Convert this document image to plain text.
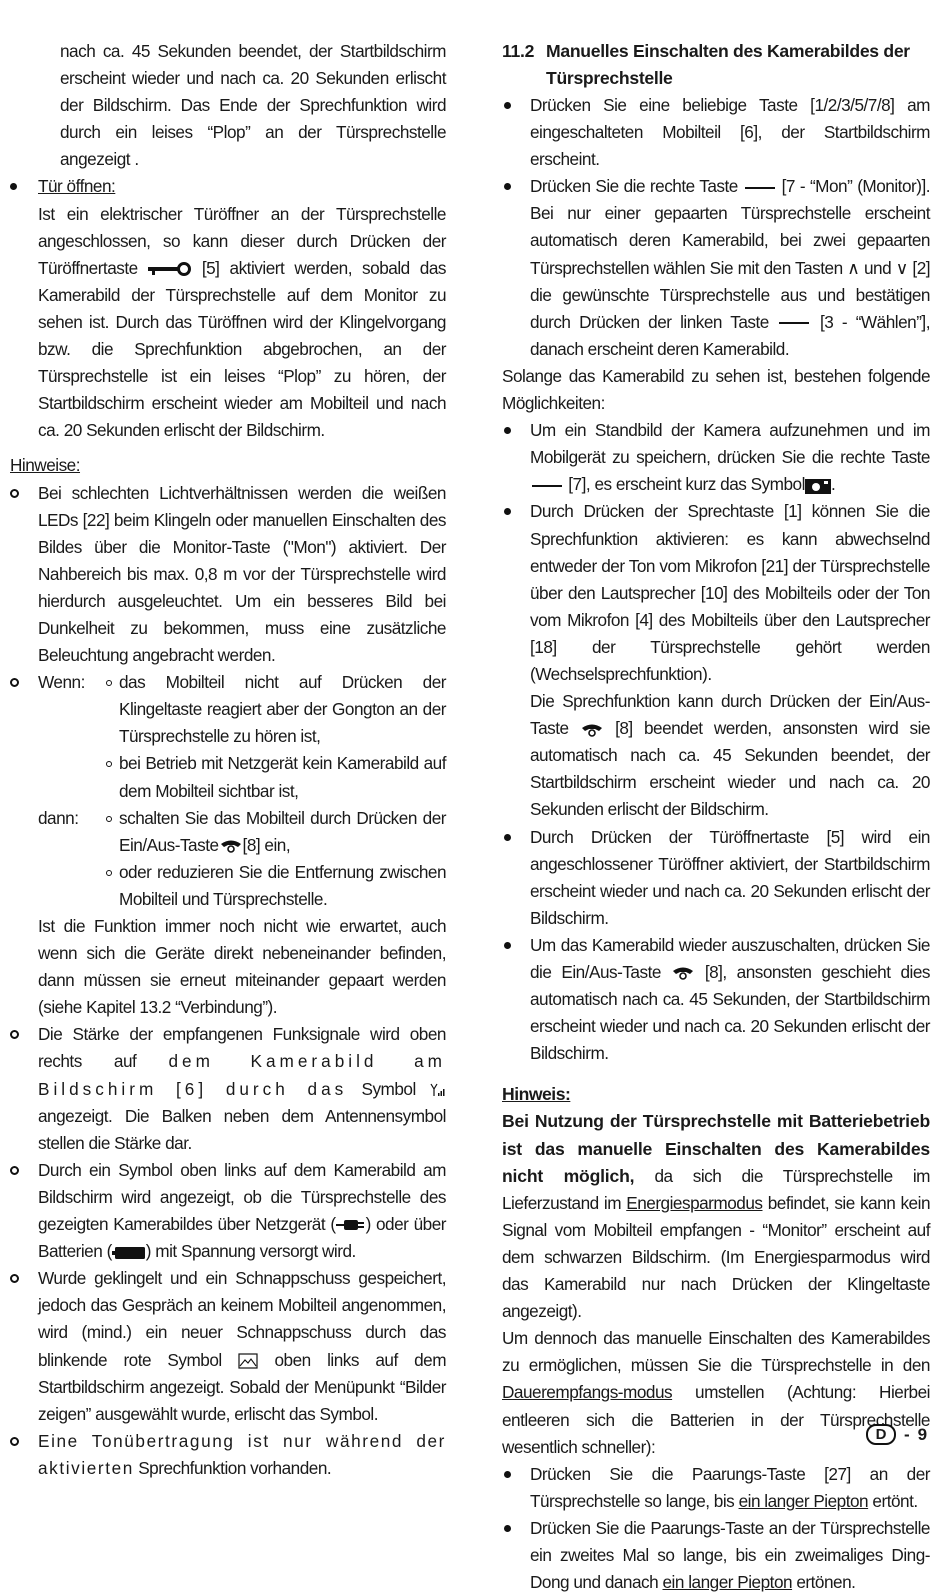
nach ca. 45 Sekunden beendet, der Startbildschirm erscheint wieder und nach ca. 20 Sekunden erlischt der Bildschirm. Das Ende der Sprechfunktion wird durch ein leises “Plop” an der Türsprechstelle angezeigt .

Tür öffnen:

Ist ein elektrischer Türöffner an der Türsprechstelle angeschlossen, so kann dieser durch Drücken der Türöffnertaste	[5] aktiviert werden, sobald das Kamerabild der Türsprechstelle auf dem Monitor zu sehen ist. Durch das Türöffnen wird der Klingelvorgang bzw. die Sprechfunktion abgebrochen, an der Türsprechstelle ist ein leises “Plop” zu hören, der Startbildschirm erscheint wieder am Mobilteil und nach ca. 20 Sekunden erlischt der Bildschirm.

Hinweise:

Bei schlechten Lichtverhältnissen werden die weißen LEDs [22] beim Klingeln oder manuellen Einschalten des Bildes über die Monitor-Taste ("Mon") aktiviert. Der Nahbereich bis max. 0,8 m vor der Türsprechstelle wird hierdurch ausgeleuchtet. Um ein besseres Bild bei Dunkelheit zu bekommen, muss eine zusätzliche Beleuchtung angebracht werden.

Wenn:	das Mobilteil nicht auf Drücken der Klingeltaste reagiert aber der Gongton an der Türsprechstelle zu hören ist,

bei Betrieb mit Netzgerät kein Kamerabild auf dem Mobilteil sichtbar ist,

dann:	schalten Sie das Mobilteil durch Drücken der Ein/Aus-Taste [8] ein,

oder reduzieren Sie die Entfernung zwischen Mobilteil und Türsprechstelle.

Ist die Funktion immer noch nicht wie erwartet, auch wenn sich die Geräte direkt nebeneinander befinden, dann müssen sie erneut miteinander gepaart werden (siehe Kapitel 13.2 “Verbindung”).

Die Stärke der empfangenen Funksignale wird oben rechts auf dem Kamerabild am Bildschirm [6] durch das Symbol  angezeigt. Die Balken neben dem Antennensymbol stellen die Stärke dar.

Durch ein Symbol oben links auf dem Kamerabild am Bildschirm wird angezeigt, ob die Türsprechstelle des gezeigten Kamerabildes über Netzgerät ( ) oder über Batterien ( ) mit Spannung versorgt wird.

Wurde geklingelt und ein Schnappschuss gespeichert, jedoch das Gespräch an keinem Mobilteil angenommen, wird (mind.) ein neuer Schnappschuss durch das blinkende rote Symbol	oben links auf dem Startbildschirm angezeigt. Sobald der Menüpunkt “Bilder zeigen” ausgewählt wurde, erlischt das Symbol.

Eine Tonübertragung ist nur während der aktivierten Sprechfunktion vorhanden.

11.2 Manuelles Einschalten des Kamerabildes der Türsprechstelle

Drücken Sie eine beliebige Taste [1/2/3/5/7/8] am eingeschalteten Mobilteil [6], der Startbildschirm erscheint.

Drücken Sie die rechte Taste	[7 - “Mon” (Monitor)]. Bei nur einer gepaarten Türsprechstelle erscheint automatisch deren Kamerabild, bei zwei gepaarten Türsprechstellen wählen Sie mit den Tasten ∧ und ∨ [2] die gewünschte Türsprechstelle aus und bestätigen durch Drücken der linken Taste	[3 - “Wählen”], danach erscheint deren Kamerabild.

Solange das Kamerabild zu sehen ist, bestehen folgende Möglichkeiten:

Um ein Standbild der Kamera aufzunehmen und im Mobilgerät zu speichern, drücken Sie die rechte Taste  [7], es erscheint kurz das Symbol .

Durch Drücken der Sprechtaste [1] können Sie die Sprechfunktion aktivieren: es kann abwechselnd entweder der Ton vom Mikrofon [21] der Türsprechstelle über den Lautsprecher [10] des Mobilteils oder der Ton vom Mikrofon [4] des Mobilteils über den Lautsprecher [18] der Türsprechstelle gehört werden (Wechselsprechfunktion).

Die Sprechfunktion kann durch Drücken der Ein/Aus-Taste	[8] beendet werden, ansonsten wird sie automatisch nach ca. 45 Sekunden beendet, der Startbildschirm erscheint wieder und nach ca. 20 Sekunden erlischt der Bildschirm.

Durch Drücken der Türöffnertaste [5] wird ein angeschlossener Türöffner aktiviert, der Startbildschirm erscheint wieder und nach ca. 20 Sekunden erlischt der Bildschirm.

Um das Kamerabild wieder auszuschalten, drücken Sie die Ein/Aus-Taste	[8], ansonsten geschieht dies automatisch nach ca. 45 Sekunden, der Startbildschirm erscheint wieder und nach ca. 20 Sekunden erlischt der Bildschirm.

Hinweis:

Bei Nutzung der Türsprechstelle mit Batteriebetrieb ist das manuelle Einschalten des Kamerabildes nicht möglich, da sich die Türsprechstelle im Lieferzustand im Energiesparmodus befindet, sie kann kein Signal vom Mobilteil empfangen - “Monitor” erscheint auf dem schwarzen Bildschirm. (Im Energiesparmodus wird das Kamerabild nur nach Drücken der Klingeltaste angezeigt).

Um dennoch das manuelle Einschalten des Kamerabildes zu ermöglichen, müssen Sie die Türsprechstelle in den Dauerempfangs-modus umstellen (Achtung: Hierbei entleeren sich die Batterien in der Türsprechstelle wesentlich schneller):

Drücken Sie die Paarungs-Taste [27] an der Türsprechstelle so lange, bis ein langer Piepton ertönt.

Drücken Sie die Paarungs-Taste an der Türsprechstelle ein zweites Mal so lange, bis ein zweimaliges Ding-Dong und danach ein langer Piepton ertönen.

D	- 9
